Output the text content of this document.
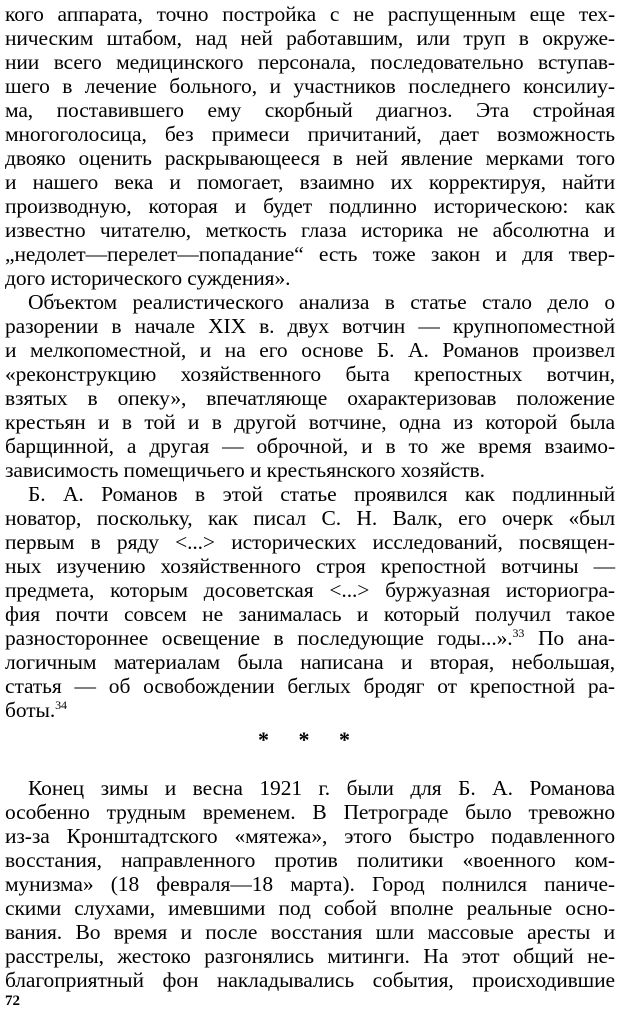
кого аппарата, точно постройка с не распущенным еще тех-
ническим штабом, над ней работавшим, или труп в окруже-
нии всего медицинского персонала, последовательно вступав-
шего в лечение больного, и участников последнего консилиу-
ма, поставившего ему скорбный диагноз. Эта стройная
многоголосица, без примеси причитаний, дает возможность
двояко оценить раскрывающееся в ней явление мерками того
и нашего века и помогает, взаимно их корректируя, найти
производную, которая и будет подлинно историческою: как
известно читателю, меткость глаза историка не абсолютна и
„недолет—перелет—попадание“ есть тоже закон и для твер-
дого исторического суждения».
Объектом реалистического анализа в статье стало дело о
разорении в начале XIX в. двух вотчин — крупнопоместной
и мелкопоместной, и на его основе Б. А. Романов произвел
«реконструкцию хозяйственного быта крепостных вотчин,
взятых в опеку», впечатляюще охарактеризовав положение
крестьян и в той и в другой вотчине, одна из которой была
барщинной, а другая — оброчной, и в то же время взаимо-
зависимость помещичьего и крестьянского хозяйств.
Б. А. Романов в этой статье проявился как подлинный
новатор, поскольку, как писал С. Н. Валк, его очерк «был
первым в ряду <...> исторических исследований, посвящен-
ных изучению хозяйственного строя крепостной вотчины —
предмета, которым досоветская <...> буржуазная историогра-
фия почти совсем не занималась и который получил такое
разностороннее освещение в последующие годы...».$^{33}$ По ана-
логичным материалам была написана и вторая, небольшая,
статья — об освобождении беглых бродяг от крепостной ра-
боты.$^{34}$
* * *
Конец зимы и весна 1921 г. были для Б. А. Романова
особенно трудным временем. В Петрограде было тревожно
из-за Кронштадтского «мятежа», этого быстро подавленного
восстания, направленного против политики «военного ком-
мунизма» (18 февраля—18 марта). Город полнился паниче-
скими слухами, имевшими под собой вполне реальные осно-
вания. Во время и после восстания шли массовые аресты и
расстрелы, жестоко разгонялись митинги. На этот общий не-
благоприятный фон накладывались события, происходившие
72
